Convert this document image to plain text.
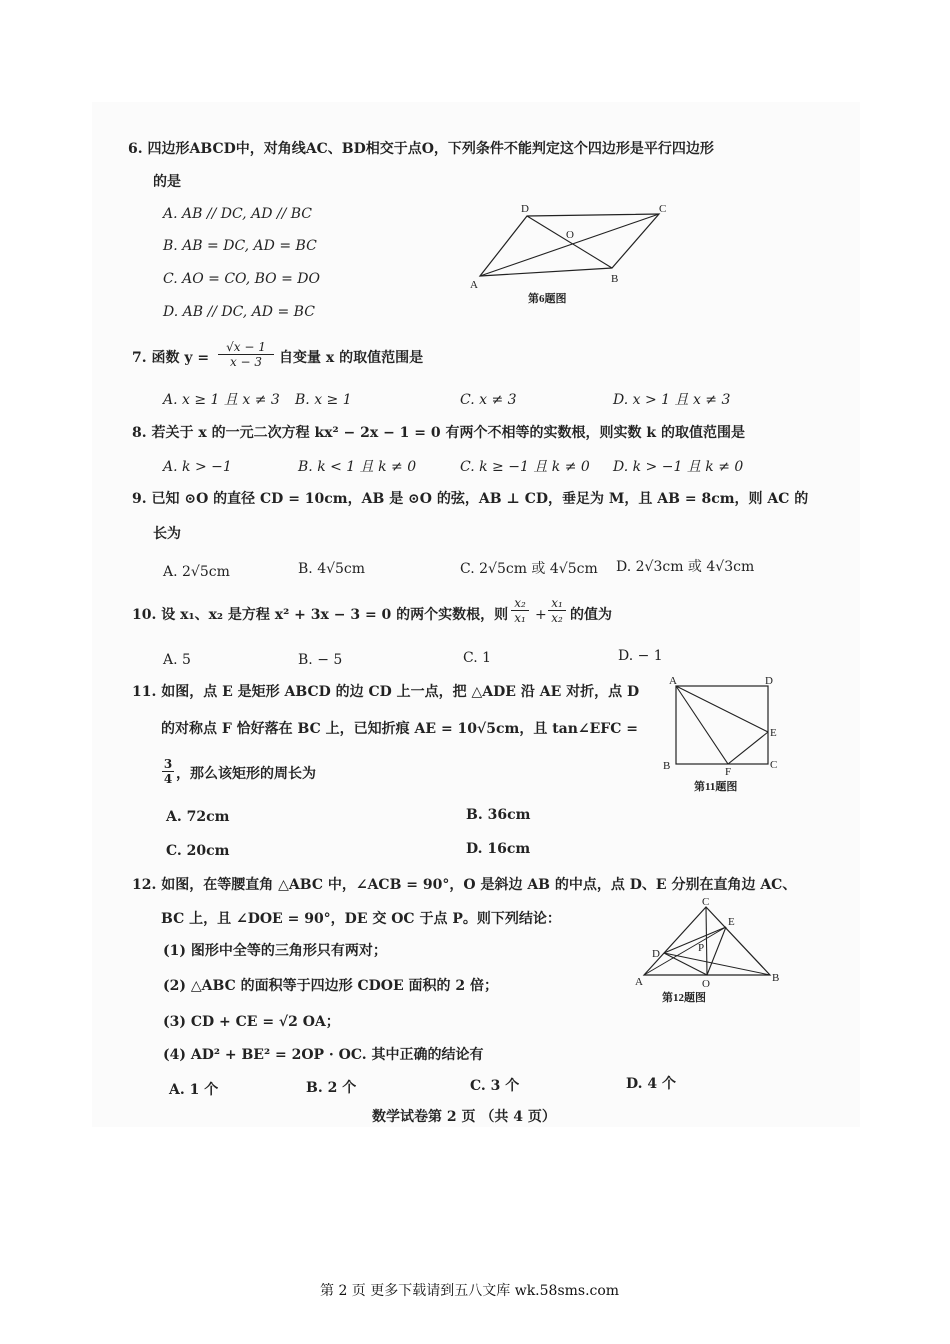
6. 四边形ABCD中，对角线AC、BD相交于点O，下列条件不能判定这个四边形是平行四边形
的是
A. AB // DC, AD // BC
B. AB = DC, AD = BC
C. AO = CO, BO = DO
D. AB // DC, AD = BC
A	B
C
D
O
第6题图
7. 函数 $y = \frac{√x - 1}{x - 3}$ 自变量 x 的取值范围是
A. x ≥ 1 且 x ≠ 3 B. x ≥ 1	C. x ≠ 3	D. x > 1 且 x ≠ 3
8. 若关于 x 的一元二次方程 kx² − 2x − 1 = 0 有两个不相等的实数根，则实数 k 的取值范围是
A. k > −1	B. k < 1 且 k ≠ 0	C. k ≥ −1 且 k ≠ 0 D. k > −1 且 k ≠ 0
9. 已知 ⊙O 的直径 CD = 10cm，AB 是 ⊙O 的弦，AB ⊥ CD，垂足为 M，且 AB = 8cm，则 AC 的
长为
A. 2√5cm	B. 4√5cm	C. 2√5cm 或 4√5cm D. 2√3cm 或 4√3cm
10. 设 x₁、x₂ 是方程 x² + 3x − 3 = 0 的两个实数根，则 $\frac{\text{x₂}}{\text{x₁}} + \frac{\text{x₁}}{\text{x₂}}$ 的值为
A. 5	B. − 5	C. 1	D. − 1
11. 如图，点 E 是矩形 ABCD 的边 CD 上一点，把 △ADE 沿 AE 对折，点 D
的对称点 F 恰好落在 BC 上，已知折痕 AE = 10√5cm，且 tan∠EFC =
$\frac{3}{4}$ ，那么该矩形的周长为
A. 72cm	B. 36cm
C. 20cm	D. 16cm
A	D
E
B	F
C
第11题图
12. 如图，在等腰直角 △ABC 中，∠ACB = 90°，O 是斜边 AB 的中点，点 D、E 分别在直角边 AC、
BC 上，且 ∠DOE = 90°，DE 交 OC 于点 P。则下列结论：
(1) 图形中全等的三角形只有两对；
(2) △ABC 的面积等于四边形 CDOE 面积的 2 倍；
(3) CD + CE = √2 OA；
(4) AD² + BE² = 2OP · OC. 其中正确的结论有
A. 1 个	B. 2 个	C. 3 个	D. 4 个
C
E
D	P
A	O	B
第12题图
数学试卷第 2 页 （共 4 页）
第 2 页 更多下载请到五八文库 wk.58sms.com
